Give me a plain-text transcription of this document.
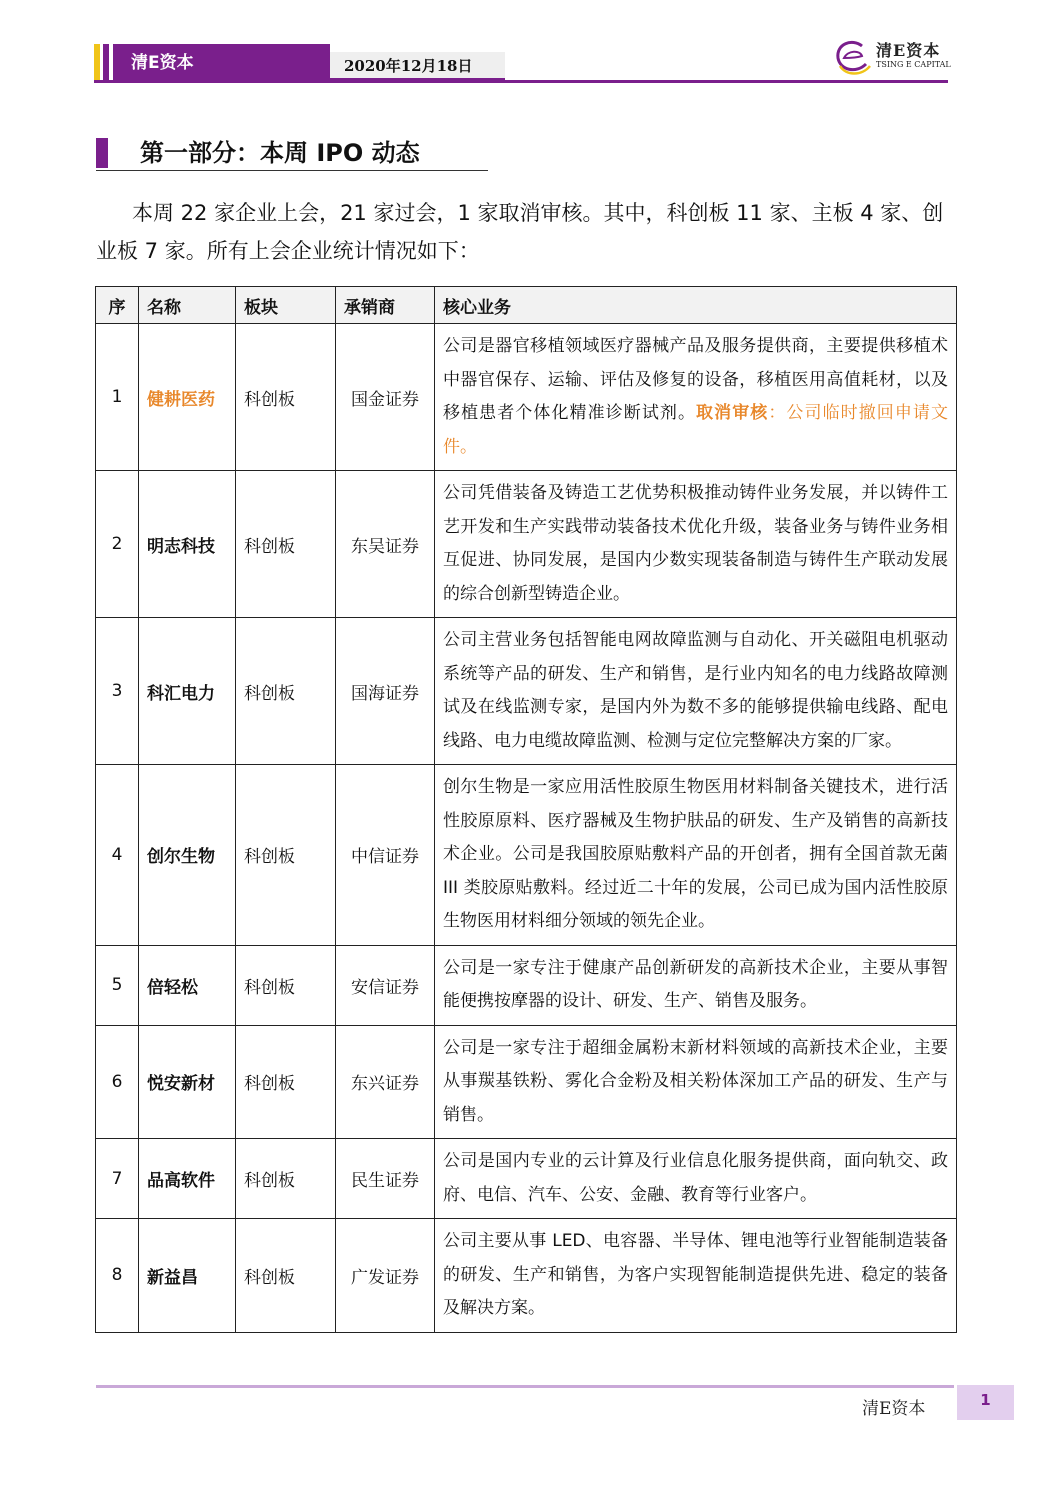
清E资本	2020年12月18日
清E资本
TSING E CAPITAL
第一部分：本周 IPO 动态
本周 22 家企业上会，21 家过会，1 家取消审核。其中，科创板 11 家、主板 4 家、创业板 7 家。所有上会企业统计情况如下：
序	名称	板块	承销商	核心业务
1	健耕医药	科创板	国金证券	公司是器官移植领域医疗器械产品及服务提供商，主要提供移植术中器官保存、运输、评估及修复的设备，移植医用高值耗材，以及移植患者个体化精准诊断试剂。取消审核：公司临时撤回申请文件。
2	明志科技	科创板	东吴证券	公司凭借装备及铸造工艺优势积极推动铸件业务发展，并以铸件工艺开发和生产实践带动装备技术优化升级，装备业务与铸件业务相互促进、协同发展，是国内少数实现装备制造与铸件生产联动发展的综合创新型铸造企业。
3	科汇电力	科创板	国海证券	公司主营业务包括智能电网故障监测与自动化、开关磁阻电机驱动系统等产品的研发、生产和销售，是行业内知名的电力线路故障测试及在线监测专家，是国内外为数不多的能够提供输电线路、配电线路、电力电缆故障监测、检测与定位完整解决方案的厂家。
4	创尔生物	科创板	中信证券	创尔生物是一家应用活性胶原生物医用材料制备关键技术，进行活性胶原原料、医疗器械及生物护肤品的研发、生产及销售的高新技术企业。公司是我国胶原贴敷料产品的开创者，拥有全国首款无菌 III 类胶原贴敷料。经过近二十年的发展，公司已成为国内活性胶原生物医用材料细分领域的领先企业。
5	倍轻松	科创板	安信证券	公司是一家专注于健康产品创新研发的高新技术企业，主要从事智能便携按摩器的设计、研发、生产、销售及服务。
6	悦安新材	科创板	东兴证券	公司是一家专注于超细金属粉末新材料领域的高新技术企业，主要从事羰基铁粉、雾化合金粉及相关粉体深加工产品的研发、生产与销售。
7	品高软件	科创板	民生证券	公司是国内专业的云计算及行业信息化服务提供商，面向轨交、政府、电信、汽车、公安、金融、教育等行业客户。
8	新益昌	科创板	广发证券	公司主要从事 LED、电容器、半导体、锂电池等行业智能制造装备的研发、生产和销售，为客户实现智能制造提供先进、稳定的装备及解决方案。
清E资本	1
